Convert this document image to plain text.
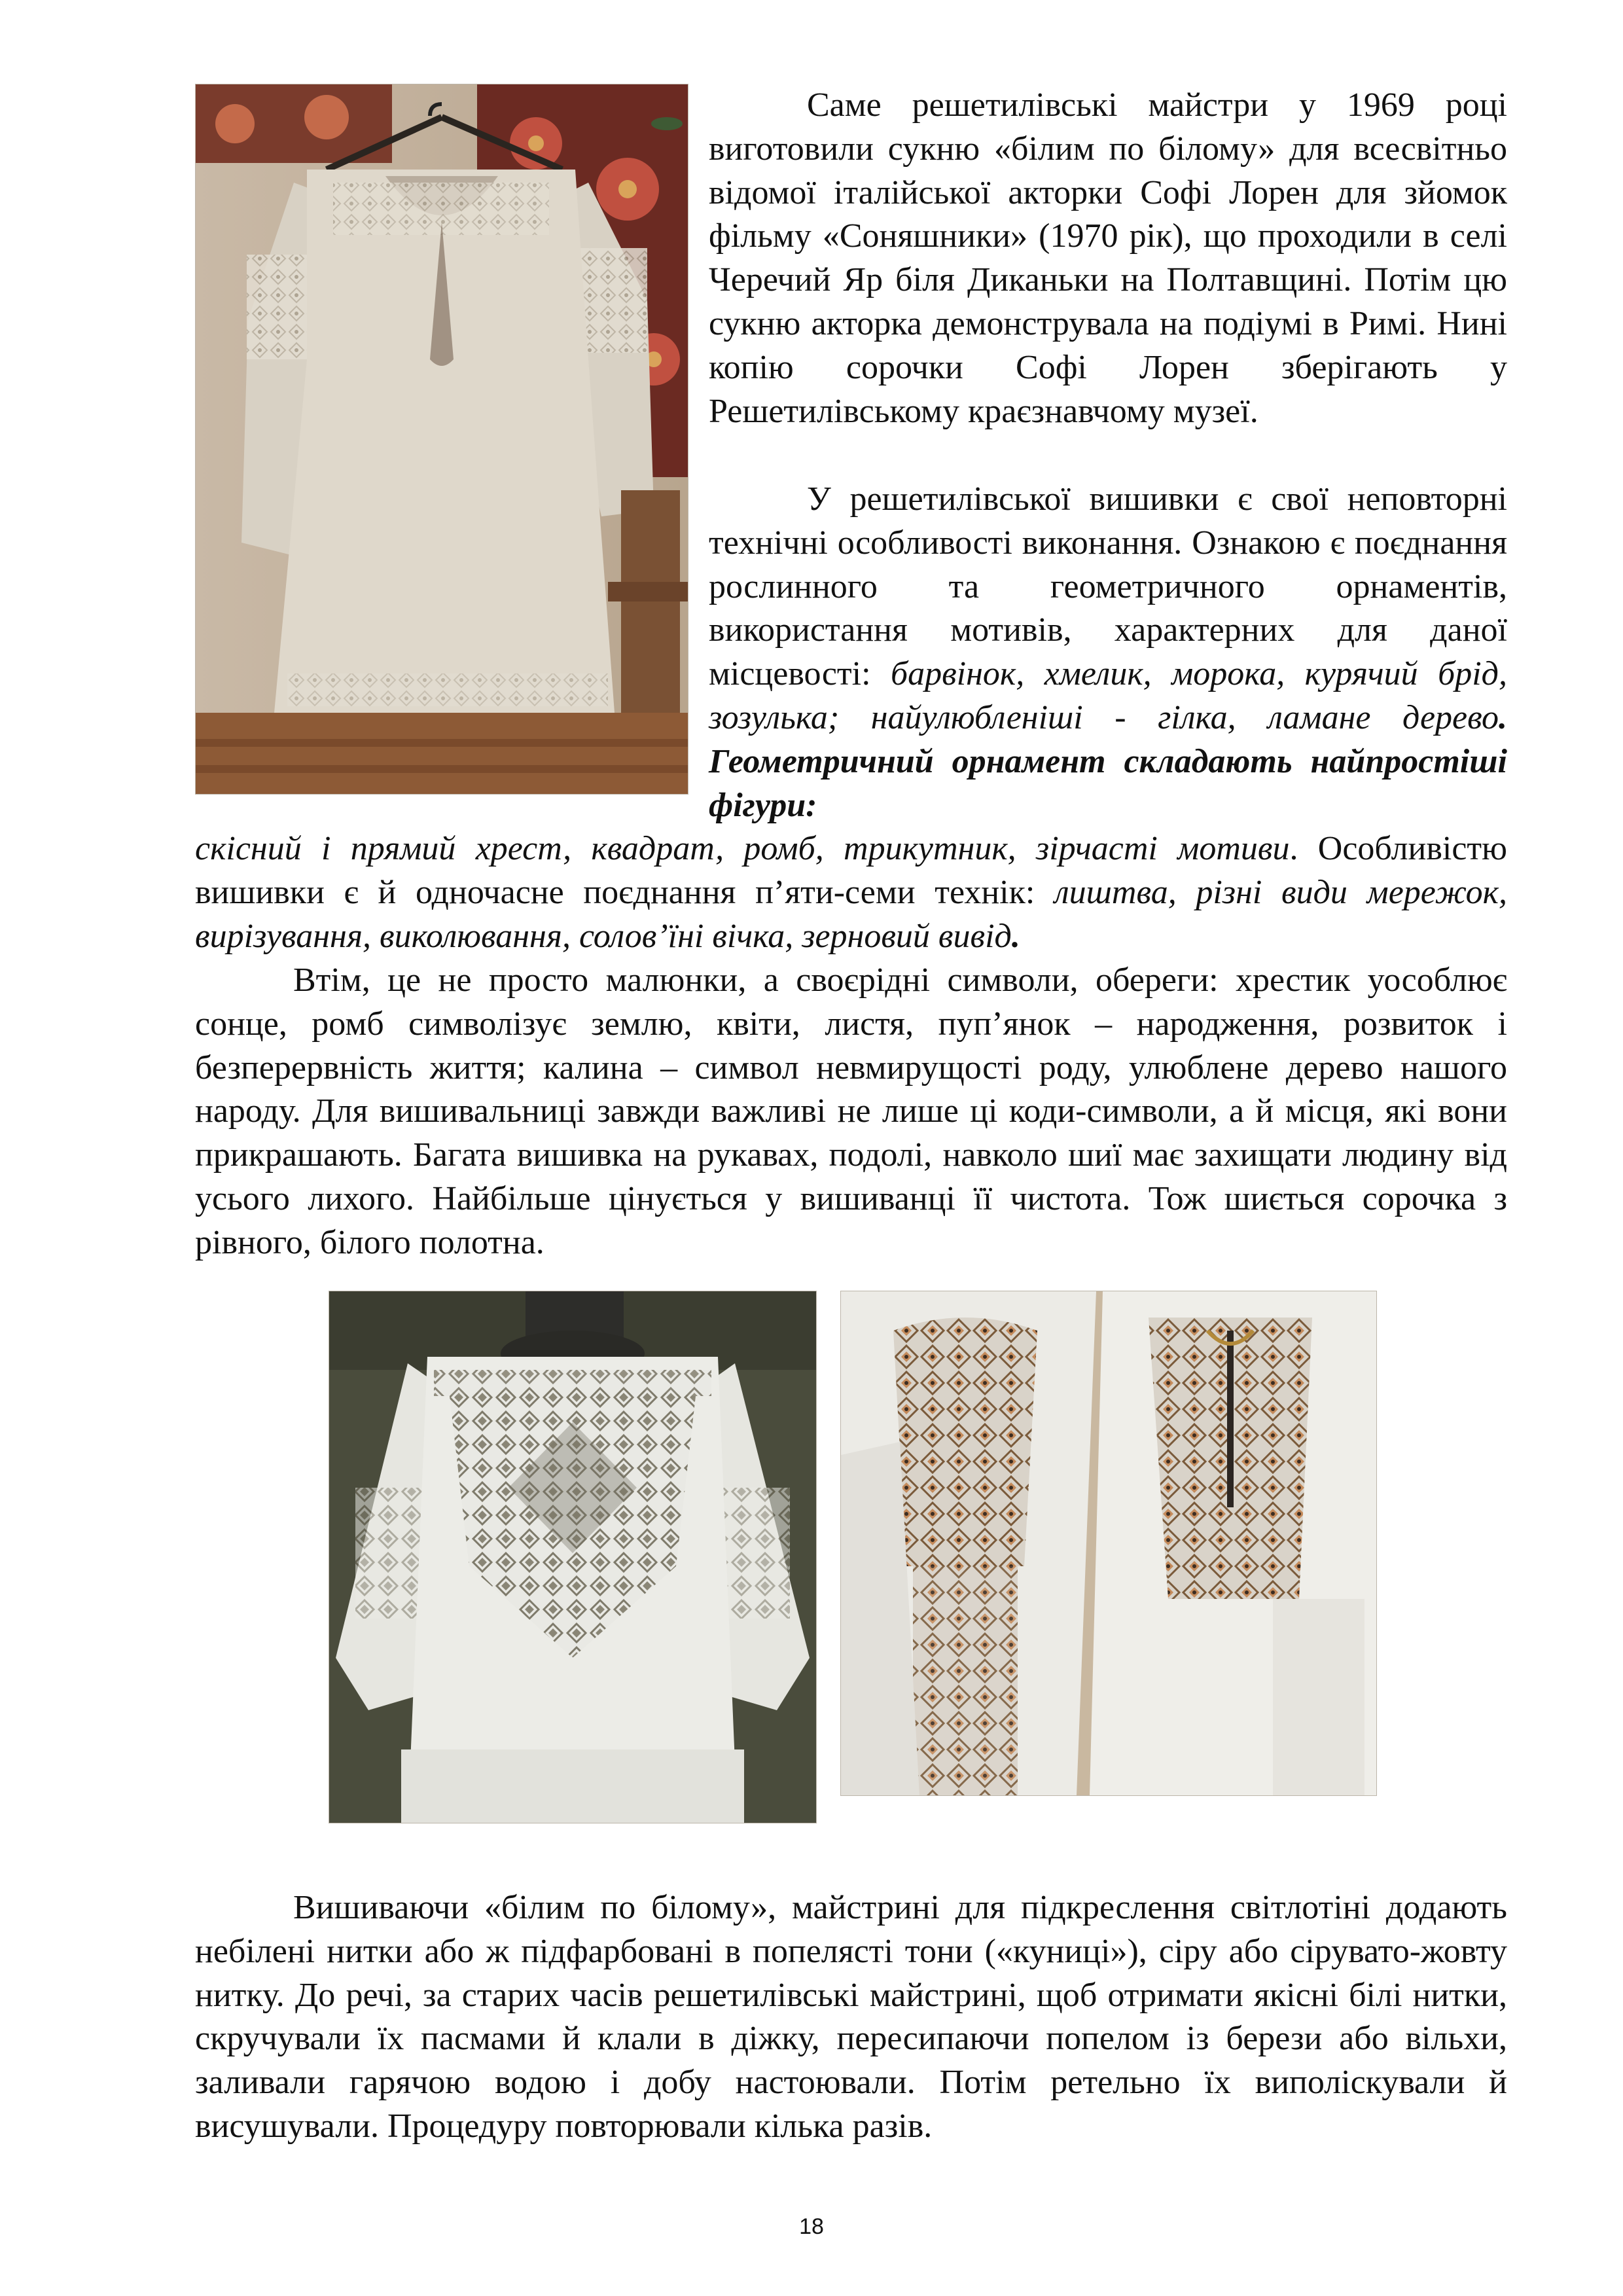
Саме решетилівські майстри у 1969 році виготовили сукню «білим по білому» для всесвітньо відомої італійської акторки Софі Лорен для зйомок фільму «Соняшники» (1970 рік), що проходили в селі Черечий Яр біля Диканьки на Полтавщині. Потім цю сукню акторка демонструвала на подіумі в Римі. Нині копію сорочки Софі Лорен зберігають у Решетилівському краєзнавчому музеї.
У решетилівської вишивки є свої неповторні технічні особливості виконання. Ознакою є поєднання рослинного та геометричного орнаментів, використання мотивів, характерних для даної місцевості: барвінок, хмелик, морока, курячий брід, зозулька; найулюбленіші - гілка, ламане дерево. Геометричний орнамент складають найпростіші фігури:
скісний і прямий хрест, квадрат, ромб, трикутник, зірчасті мотиви. Особливістю вишивки є й одночасне поєднання п’яти-семи технік: лиштва, різні види мережок, вирізування, виколювання, солов’їні вічка, зерновий вивід.
Втім, це не просто малюнки, а своєрідні символи, обереги: хрестик уособлює сонце, ромб символізує землю, квіти, листя, пуп’янок – народження, розвиток і безперервність життя; калина – символ невмирущості роду, улюблене дерево нашого народу. Для вишивальниці завжди важливі не лише ці коди-символи, а й місця, які вони прикрашають. Багата вишивка на рукавах, подолі, навколо шиї має захищати людину від усього лихого. Найбільше цінується у вишиванці її чистота. Тож шиється сорочка з рівного, білого полотна.
Вишиваючи «білим по білому», майстрині для підкреслення світлотіні додають небілені нитки або ж підфарбовані в попелясті тони («куниці»), сіру або сірувато-жовту нитку. До речі, за старих часів решетилівські майстрині, щоб отримати якісні білі нитки, скручували їх пасмами й клали в діжку, пересипаючи попелом із берези або вільхи, заливали гарячою водою і добу настоювали. Потім ретельно їх виполіскували й висушували. Процедуру повторювали кілька разів.
18
